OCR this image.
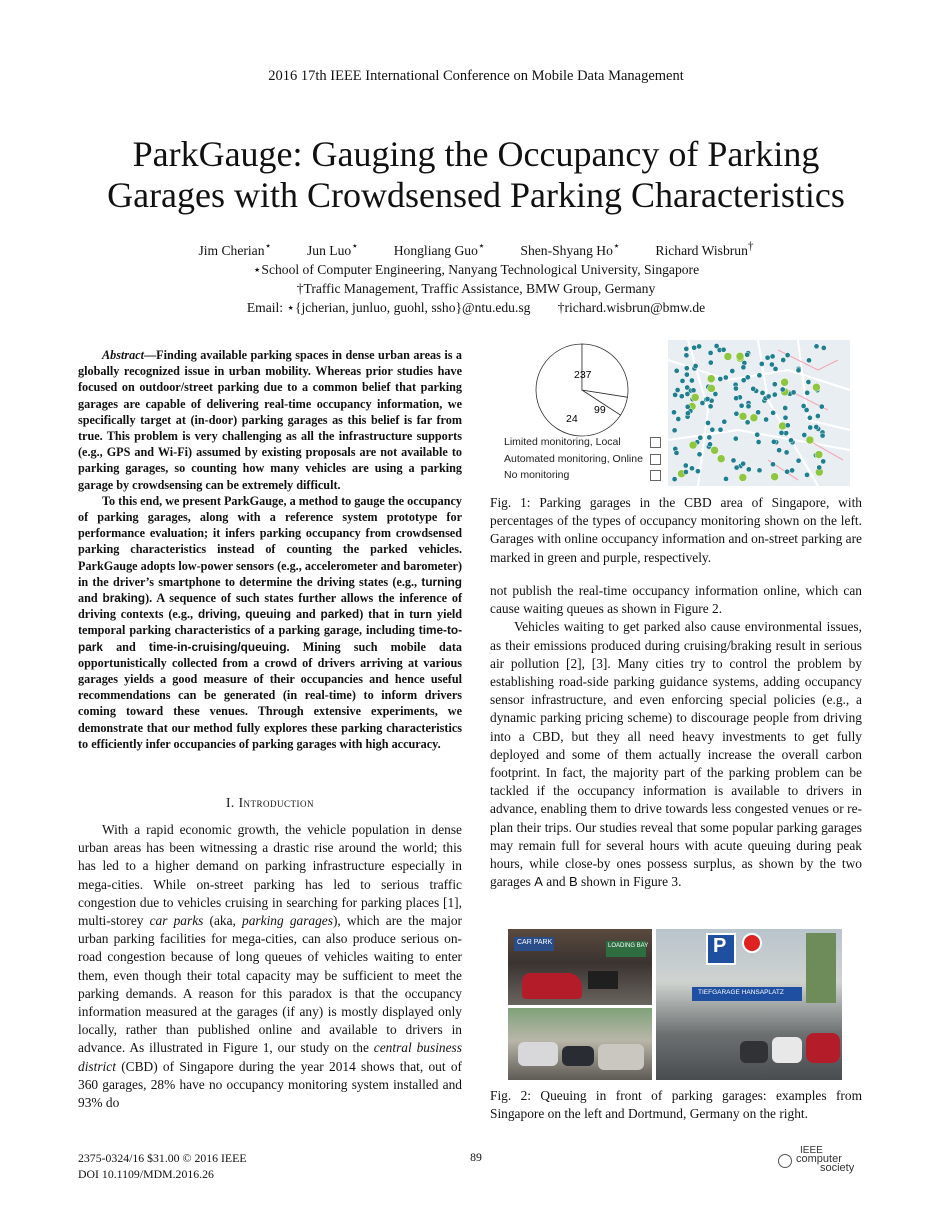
2016 17th IEEE International Conference on Mobile Data Management
ParkGauge: Gauging the Occupancy of Parking
Garages with Crowdsensed Parking Characteristics
Jim Cherian⋆	Jun Luo⋆	Hongliang Guo⋆	Shen-Shyang Ho⋆	Richard Wisbrun†
⋆School of Computer Engineering, Nanyang Technological University, Singapore
†Traffic Management, Traffic Assistance, BMW Group, Germany
Email: ⋆{jcherian, junluo, guohl, ssho}@ntu.edu.sg        †richard.wisbrun@bmw.de

Abstract—Finding available parking spaces in dense urban areas is a globally recognized issue in urban mobility. Whereas prior studies have focused on outdoor/street parking due to a common belief that parking garages are capable of delivering real-time occupancy information, we specifically target at (in-door) parking garages as this belief is far from true. This problem is very challenging as all the infrastructure supports (e.g., GPS and Wi-Fi) assumed by existing proposals are not available to parking garages, so counting how many vehicles are using a parking garage by crowdsensing can be extremely difficult.

To this end, we present ParkGauge, a method to gauge the occupancy of parking garages, along with a reference system prototype for performance evaluation; it infers parking occupancy from crowdsensed parking characteristics instead of counting the parked vehicles. ParkGauge adopts low-power sensors (e.g., accelerometer and barometer) in the driver’s smartphone to determine the driving states (e.g., turning and braking). A sequence of such states further allows the inference of driving contexts (e.g., driving, queuing and parked) that in turn yield temporal parking characteristics of a parking garage, including time-to-park and time-in-cruising/queuing. Mining such mobile data opportunistically collected from a crowd of drivers arriving at various garages yields a good measure of their occupancies and hence useful recommendations can be generated (in real-time) to inform drivers coming toward these venues. Through extensive experiments, we demonstrate that our method fully explores these parking characteristics to efficiently infer occupancies of parking garages with high accuracy.

I. Introduction

With a rapid economic growth, the vehicle population in dense urban areas has been witnessing a drastic rise around the world; this has led to a higher demand on parking infrastructure especially in mega-cities. While on-street parking has led to serious traffic congestion due to vehicles cruising in searching for parking places [1], multi-storey car parks (aka, parking garages), which are the major urban parking facilities for mega-cities, can also produce serious on-road congestion because of long queues of vehicles waiting to enter them, even though their total capacity may be sufficient to meet the parking demands. A reason for this paradox is that the occupancy information measured at the garages (if any) is mostly displayed only locally, rather than published online and available to drivers in advance. As illustrated in Figure 1, our study on the central business district (CBD) of Singapore during the year 2014 shows that, out of 360 garages, 28% have no occupancy monitoring system installed and 93% do

237
24
99
Limited monitoring, Local
Automated monitoring, Online
No monitoring
Fig. 1: Parking garages in the CBD area of Singapore, with percentages of the types of occupancy monitoring shown on the left. Garages with online occupancy information and on-street parking are marked in green and purple, respectively.

not publish the real-time occupancy information online, which can cause waiting queues as shown in Figure 2.

Vehicles waiting to get parked also cause environmental issues, as their emissions produced during cruising/braking result in serious air pollution [2], [3]. Many cities try to control the problem by establishing road-side parking guidance systems, adding occupancy sensor infrastructure, and even enforcing special policies (e.g., a dynamic parking pricing scheme) to discourage people from driving into a CBD, but they all need heavy investments to get fully deployed and some of them actually increase the overall carbon footprint. In fact, the majority part of the parking problem can be tackled if the occupancy information is available to drivers in advance, enabling them to drive towards less congested venues or re-plan their trips. Our studies reveal that some popular parking garages may remain full for several hours with acute queuing during peak hours, while close-by ones possess surplus, as shown by the two garages A and B shown in Figure 3.

CAR PARK	LOADING BAY	P
TIEFGARAGE HANSAPLATZ
Fig. 2: Queuing in front of parking garages: examples from Singapore on the left and Dortmund, Germany on the right.
2375-0324/16 $31.00 © 2016 IEEE
DOI 10.1109/MDM.2016.26
89	IEEE
computer
society
